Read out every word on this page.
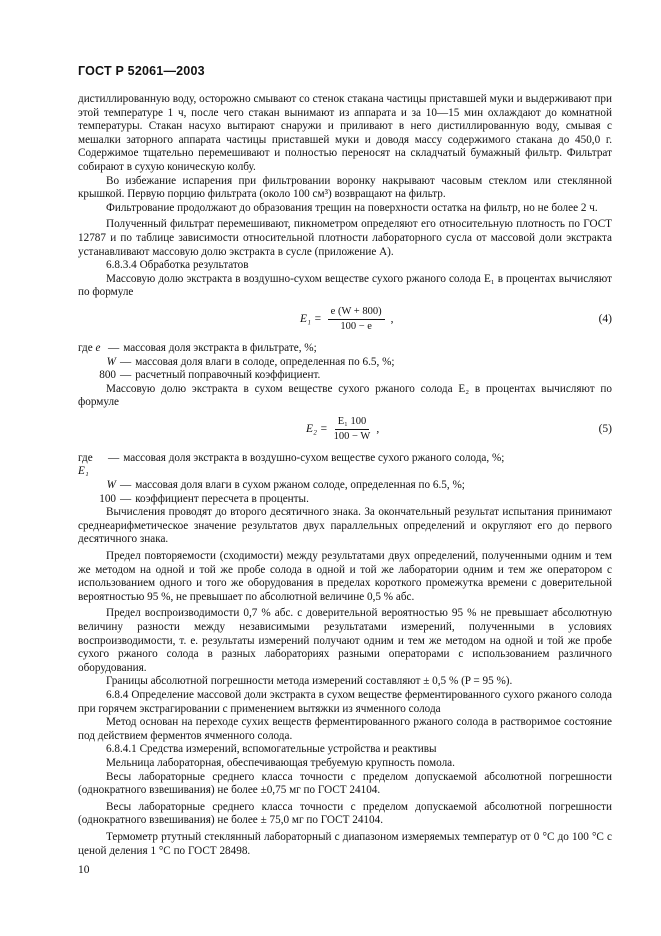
ГОСТ Р 52061—2003

дистиллированную воду, осторожно смывают со стенок стакана частицы приставшей муки и выдерживают при этой температуре 1 ч, после чего стакан вынимают из аппарата и за 10—15 мин охлаждают до комнатной температуры. Стакан насухо вытирают снаружи и приливают в него дистиллированную воду, смывая с мешалки заторного аппарата частицы приставшей муки и доводя массу содержимого стакана до 450,0 г. Содержимое тщательно перемешивают и полностью переносят на складчатый бумажный фильтр. Фильтрат собирают в сухую коническую колбу.

Во избежание испарения при фильтровании воронку накрывают часовым стеклом или стеклянной крышкой. Первую порцию фильтрата (около 100 см³) возвращают на фильтр.

Фильтрование продолжают до образования трещин на поверхности остатка на фильтр, но не более 2 ч.

Полученный фильтрат перемешивают, пикнометром определяют его относительную плотность по ГОСТ 12787 и по таблице зависимости относительной плотности лабораторного сусла от массовой доли экстракта устанавливают массовую долю экстракта в сусле (приложение А).

6.8.3.4 Обработка результатов

Массовую долю экстракта в воздушно-сухом веществе сухого ржаного солода E₁ в процентах вычисляют по формуле

$E_1 = \frac{e (W + 800)}{100 - e}$ ,	(4)
где e — массовая доля экстракта в фильтрате, %;
W — массовая доля влаги в солоде, определенная по 6.5, %;
800 — расчетный поправочный коэффициент.

Массовую долю экстракта в сухом веществе сухого ржаного солода E₂ в процентах вычисляют по формуле

$E_2 = \frac{\text{E₁ 100}}{100 - W}$ ,	(5)
где E₁
— массовая доля экстракта в воздушно-сухом веществе сухого ржаного солода, %;
W — массовая доля влаги в сухом ржаном солоде, определенная по 6.5, %;
100 — коэффициент пересчета в проценты.

Вычисления проводят до второго десятичного знака. За окончательный результат испытания принимают среднеарифметическое значение результатов двух параллельных определений и округляют его до первого десятичного знака.

Предел повторяемости (сходимости) между результатами двух определений, полученными одним и тем же методом на одной и той же пробе солода в одной и той же лаборатории одним и тем же оператором с использованием одного и того же оборудования в пределах короткого промежутка времени с доверительной вероятностью 95 %, не превышает по абсолютной величине 0,5 % абс.

Предел воспроизводимости 0,7 % абс. с доверительной вероятностью 95 % не превышает абсолютную величину разности между независимыми результатами измерений, полученными в условиях воспроизводимости, т. е. результаты измерений получают одним и тем же методом на одной и той же пробе сухого ржаного солода в разных лабораториях разными операторами с использованием различного оборудования.

Границы абсолютной погрешности метода измерений составляют ± 0,5 % (P = 95 %).

6.8.4 Определение массовой доли экстракта в сухом веществе ферментированного сухого ржаного солода при горячем экстрагировании с применением вытяжки из ячменного солода

Метод основан на переходе сухих веществ ферментированного ржаного солода в растворимое состояние под действием ферментов ячменного солода.

6.8.4.1 Средства измерений, вспомогательные устройства и реактивы

Мельница лабораторная, обеспечивающая требуемую крупность помола.

Весы лабораторные среднего класса точности с пределом допускаемой абсолютной погрешности (однократного взвешивания) не более ±0,75 мг по ГОСТ 24104.

Весы лабораторные среднего класса точности с пределом допускаемой абсолютной погрешности (однократного взвешивания) не более ± 75,0 мг по ГОСТ 24104.

Термометр ртутный стеклянный лабораторный с диапазоном измеряемых температур от 0 °С до 100 °С с ценой деления 1 °С по ГОСТ 28498.

10
